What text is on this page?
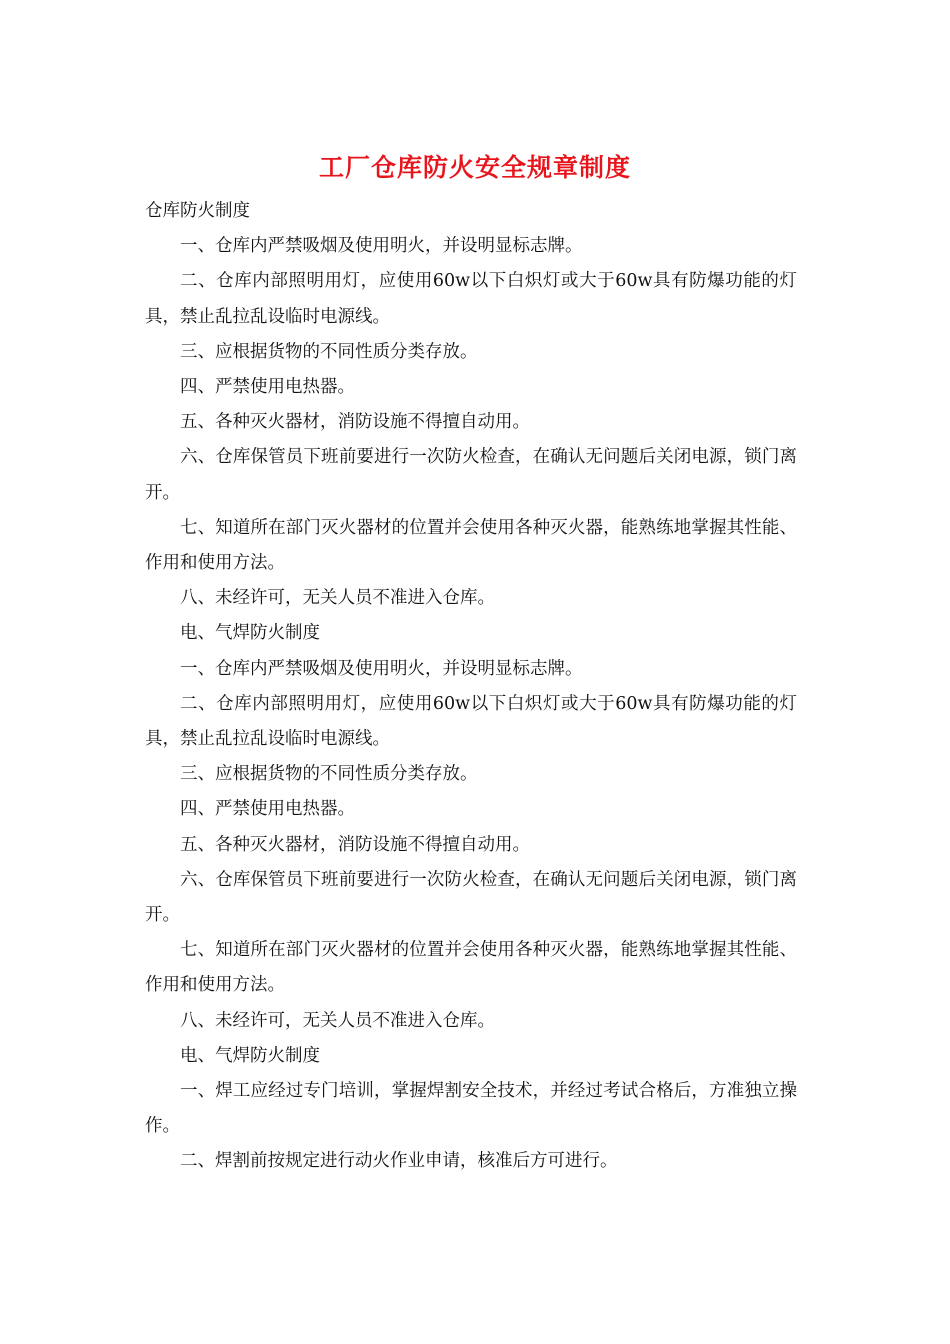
工厂仓库防火安全规章制度

仓库防火制度

一、仓库内严禁吸烟及使用明火，并设明显标志牌。

二、仓库内部照明用灯，应使用60w以下白炽灯或大于60w具有防爆功能的灯具，禁止乱拉乱设临时电源线。

三、应根据货物的不同性质分类存放。

四、严禁使用电热器。

五、各种灭火器材，消防设施不得擅自动用。

六、仓库保管员下班前要进行一次防火检查，在确认无问题后关闭电源，锁门离开。

七、知道所在部门灭火器材的位置并会使用各种灭火器，能熟练地掌握其性能、作用和使用方法。

八、未经许可，无关人员不准进入仓库。

电、气焊防火制度

一、仓库内严禁吸烟及使用明火，并设明显标志牌。

二、仓库内部照明用灯，应使用60w以下白炽灯或大于60w具有防爆功能的灯具，禁止乱拉乱设临时电源线。

三、应根据货物的不同性质分类存放。

四、严禁使用电热器。

五、各种灭火器材，消防设施不得擅自动用。

六、仓库保管员下班前要进行一次防火检查，在确认无问题后关闭电源，锁门离开。

七、知道所在部门灭火器材的位置并会使用各种灭火器，能熟练地掌握其性能、作用和使用方法。

八、未经许可，无关人员不准进入仓库。

电、气焊防火制度

一、焊工应经过专门培训，掌握焊割安全技术，并经过考试合格后，方准独立操作。

二、焊割前按规定进行动火作业申请，核准后方可进行。
